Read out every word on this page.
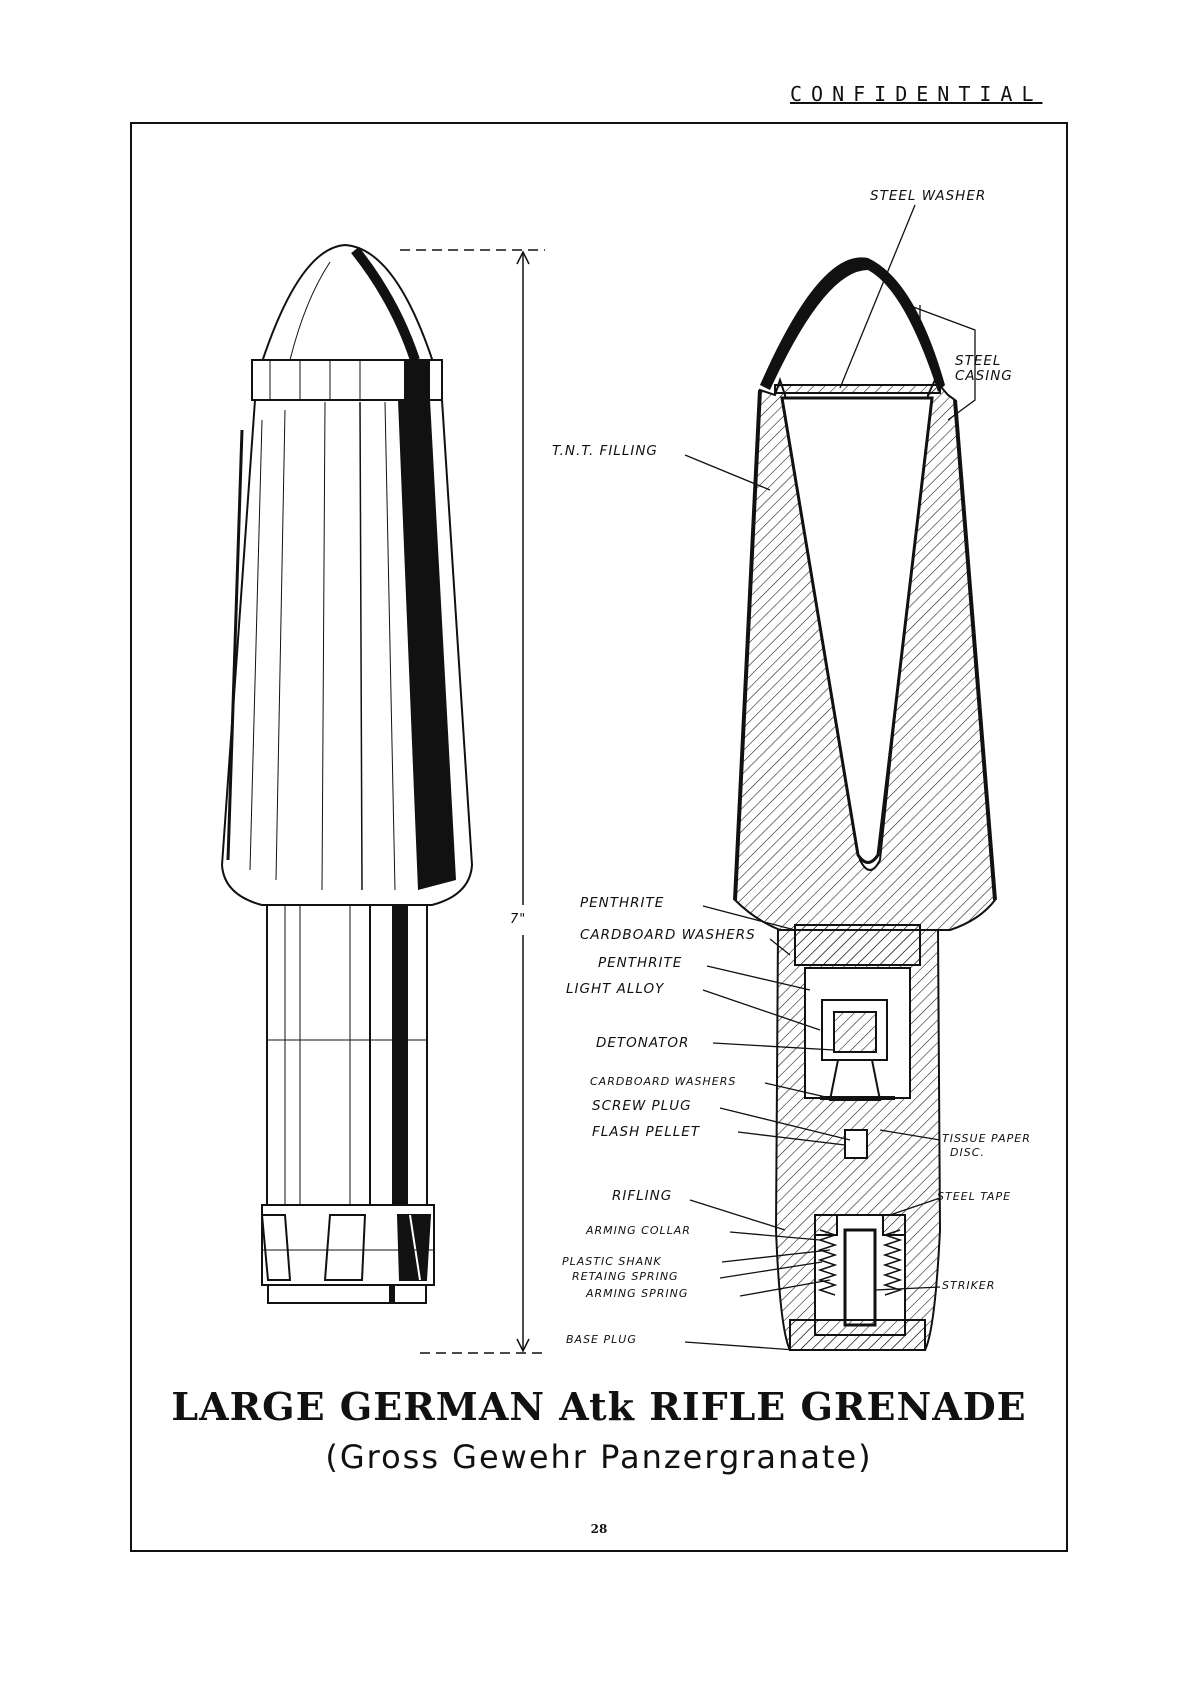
CONFIDENTIAL
STEEL WASHER
STEEL
CASING
T.N.T. FILLING
PENTHRITE
CARDBOARD WASHERS
PENTHRITE
LIGHT ALLOY
DETONATOR
CARDBOARD WASHERS
SCREW PLUG
FLASH PELLET	TISSUE PAPER
DISC.
RIFLING	STEEL TAPE
ARMING COLLAR
PLASTIC SHANK
RETAING SPRING
ARMING SPRING
STRIKER
BASE PLUG
7"
LARGE GERMAN Atk RIFLE GRENADE
(Gross Gewehr Panzergranate)
28
